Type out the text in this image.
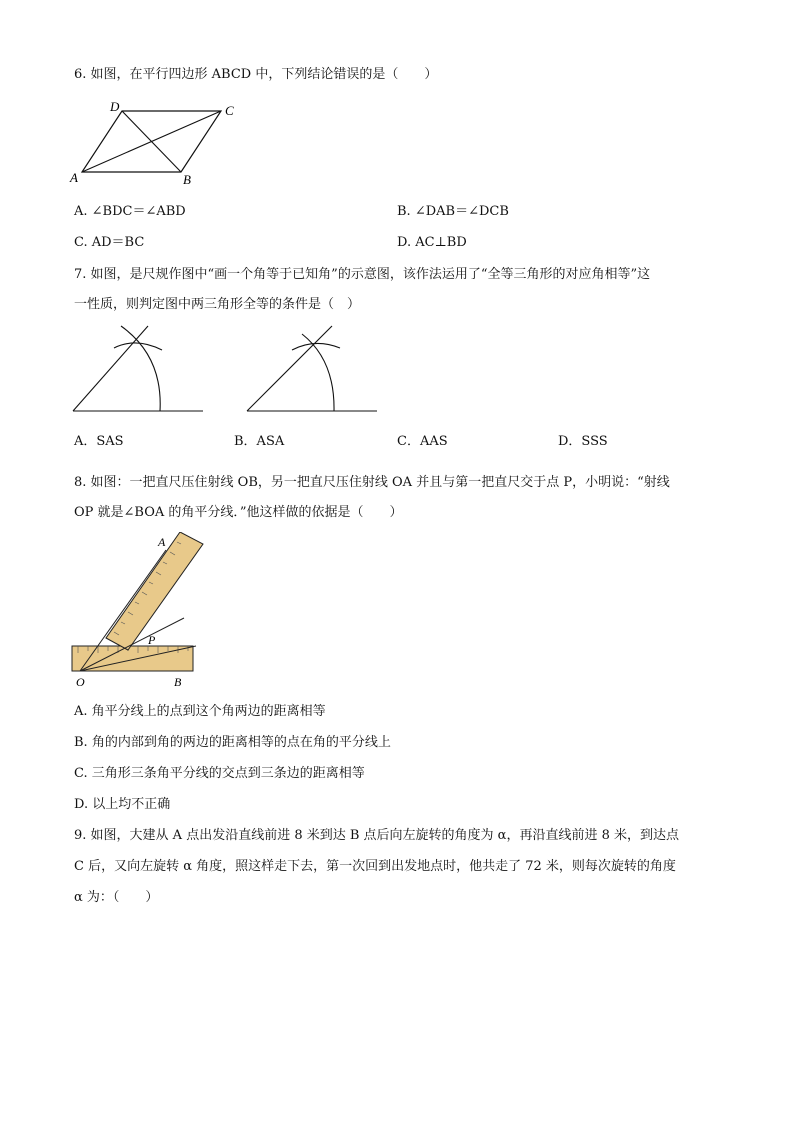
6. 如图，在平行四边形 ABCD 中，下列结论错误的是（　　）
A	B
C
D
A. ∠BDC＝∠ABD	B. ∠DAB＝∠DCB
C. AD＝BC	D. AC⊥BD
7. 如图，是尺规作图中“画一个角等于已知角”的示意图，该作法运用了“全等三角形的对应角相等”这
一性质，则判定图中两三角形全等的条件是（　）
A．SAS	B．ASA	C．AAS	D．SSS
8. 如图：一把直尺压住射线 OB，另一把直尺压住射线 OA 并且与第一把直尺交于点 P，小明说：“射线
OP 就是∠BOA 的角平分线．”他这样做的依据是（　　）
A
P
O	B
A. 角平分线上的点到这个角两边的距离相等
B. 角的内部到角的两边的距离相等的点在角的平分线上
C. 三角形三条角平分线的交点到三条边的距离相等
D. 以上均不正确
9. 如图，大建从 A 点出发沿直线前进 8 米到达 B 点后向左旋转的角度为 α，再沿直线前进 8 米，到达点
C 后，又向左旋转 α 角度，照这样走下去，第一次回到出发地点时，他共走了 72 米，则每次旋转的角度
α 为：（　　）
